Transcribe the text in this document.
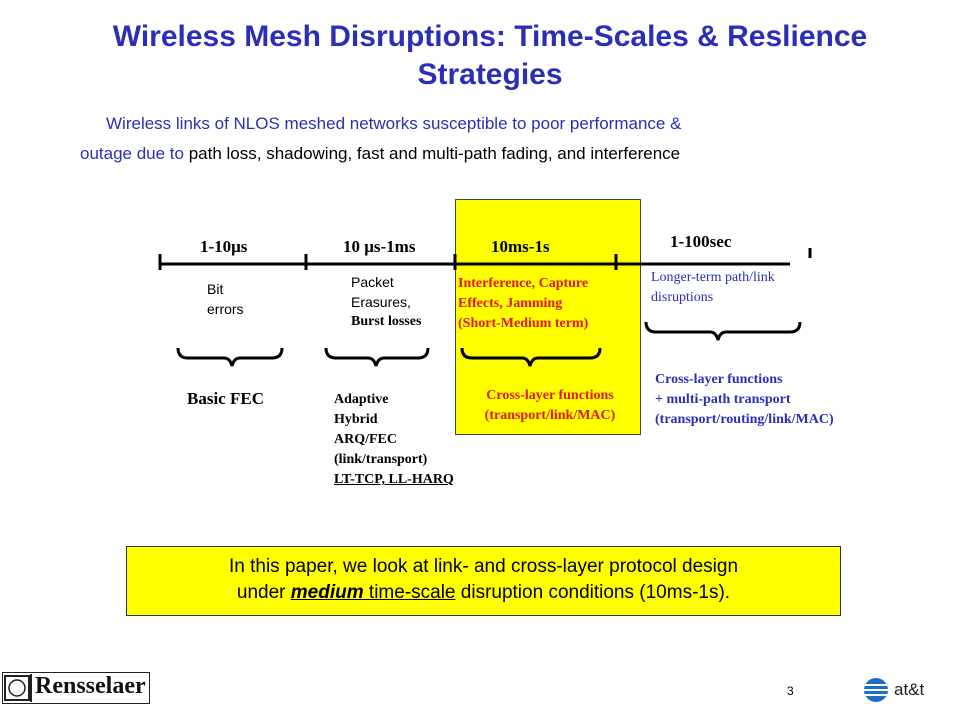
Wireless Mesh Disruptions: Time-Scales & Reslience
Strategies
Wireless links of NLOS meshed networks susceptible to poor performance &
outage due to path loss, shadowing, fast and multi-path fading, and interference
1-10μs	10 μs-1ms	10ms-1s	1-100sec
Bit
errors
Packet
Erasures,
Burst losses
Interference, Capture
Effects, Jamming
(Short-Medium term)
Longer-term path/link
disruptions
Basic FEC	Adaptive
Hybrid
ARQ/FEC
(link/transport)
LT-TCP, LL-HARQ
Cross-layer functions
(transport/link/MAC)
Cross-layer functions
+ multi-path transport
(transport/routing/link/MAC)
In this paper, we look at link- and cross-layer protocol design
under medium time-scale disruption conditions (10ms-1s).
Rensselaer	3	at&t
